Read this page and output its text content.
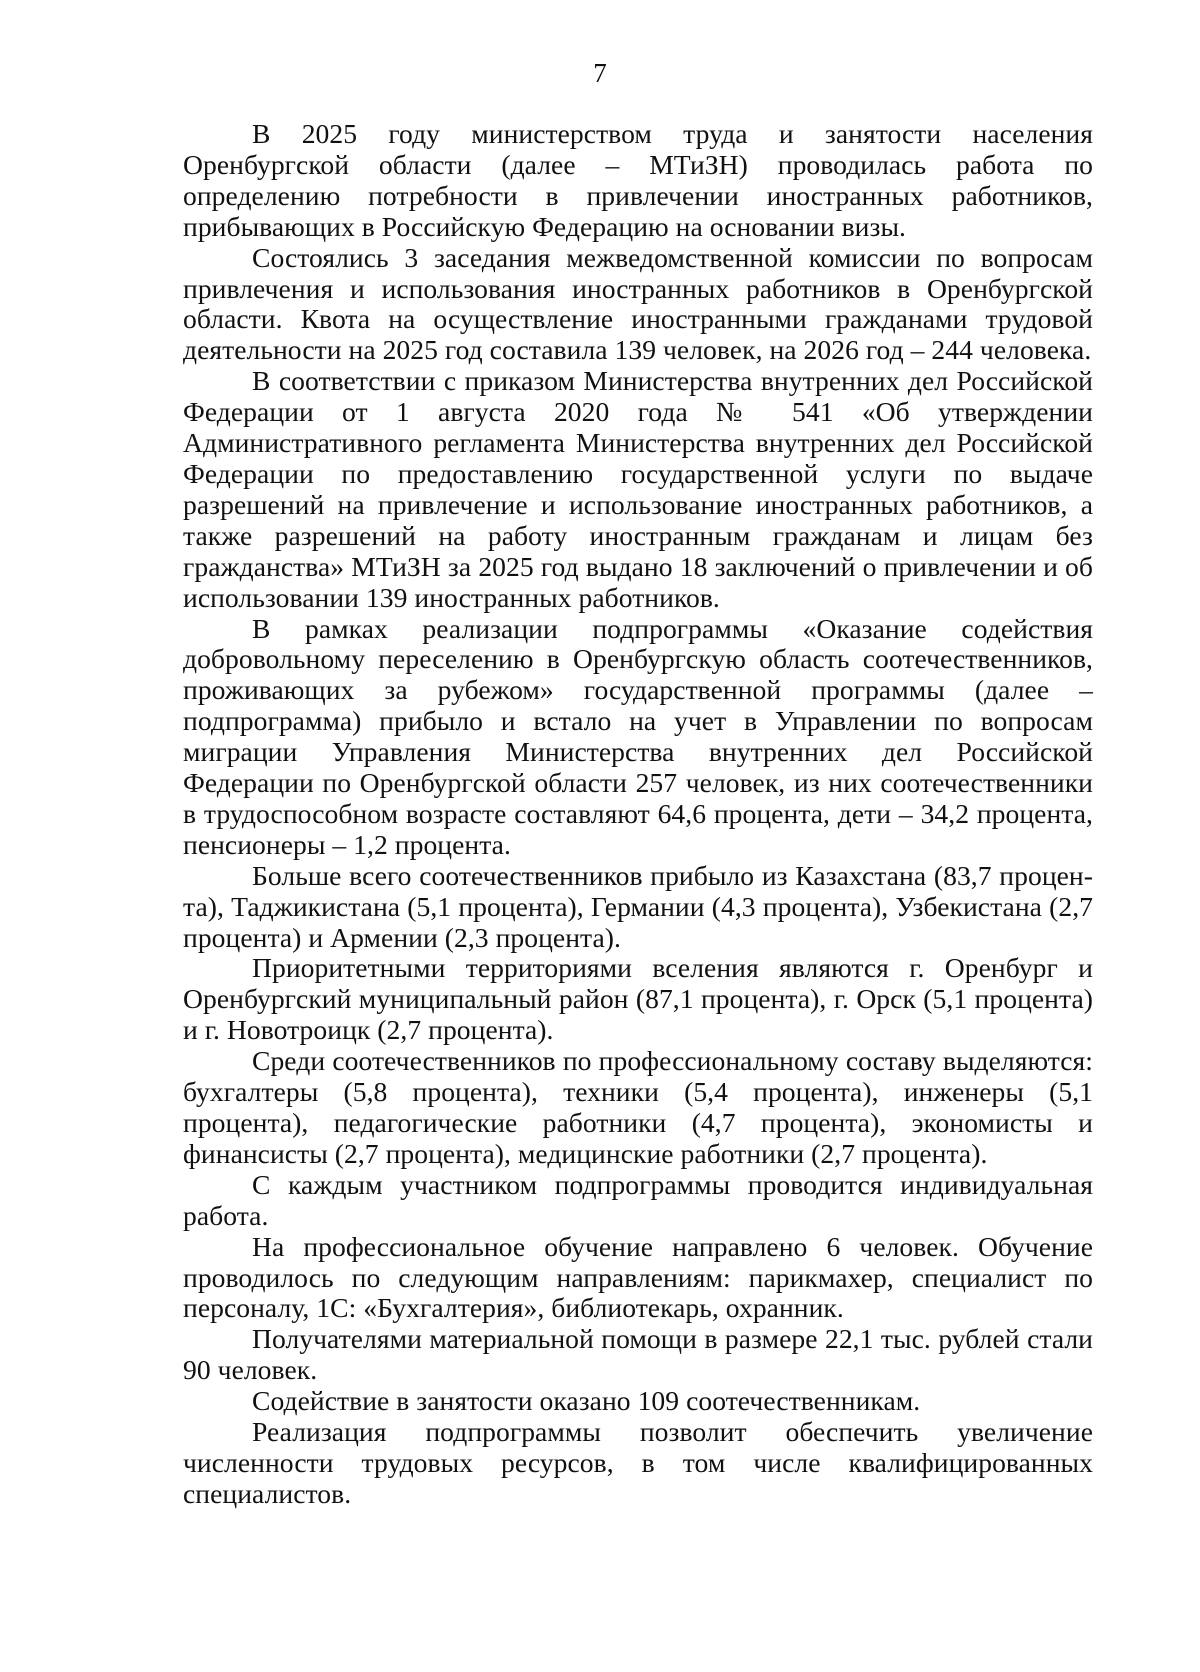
7

В 2025 году министерством труда и занятости населения Оренбургской области (далее – МТиЗН) проводилась работа по определению потребности в привлечении иностранных работников, прибывающих в Российскую Федерацию на основании визы.

Состоялись 3 заседания межведомственной комиссии по вопросам привлечения и использования иностранных работников в Оренбургской области. Квота на осуществление иностранными гражданами трудовой деятельности на 2025 год составила 139 человек, на 2026 год – 244 человека.

В соответствии с приказом Министерства внутренних дел Российской Федерации от 1 августа 2020 года № 541 «Об утверждении Административного регламента Министерства внутренних дел Российской Федерации по предоставлению государственной услуги по выдаче разрешений на привлечение и использование иностранных работников, а также разрешений на работу иностранным гражданам и лицам без гражданства» МТиЗН за 2025 год выдано 18 заключений о привлечении и об использовании 139 иностранных работников.

В рамках реализации подпрограммы «Оказание содействия добровольному переселению в Оренбургскую область соотечественников, проживающих за рубежом» государственной программы (далее – подпрограмма) прибыло и встало на учет в Управлении по вопросам миграции Управления Министерства внутренних дел Российской Федерации по Оренбургской области 257 человек, из них соотечественники в трудоспособном возрасте составляют 64,6 процента, дети – 34,2 процента, пенсионеры – 1,2 процента.

Больше всего соотечественников прибыло из Казахстана (83,7 процен-та), Таджикистана (5,1 процента), Германии (4,3 процента), Узбекистана (2,7 процента) и Армении (2,3 процента).

Приоритетными территориями вселения являются г. Оренбург и Оренбургский муниципальный район (87,1 процента), г. Орск (5,1 процента) и г. Новотроицк (2,7 процента).

Среди соотечественников по профессиональному составу выделяются: бухгалтеры (5,8 процента), техники (5,4 процента), инженеры (5,1 процента), педагогические работники (4,7 процента), экономисты и финансисты (2,7 процента), медицинские работники (2,7 процента).

С каждым участником подпрограммы проводится индивидуальная работа.

На профессиональное обучение направлено 6 человек. Обучение проводилось по следующим направлениям: парикмахер, специалист по персоналу, 1С: «Бухгалтерия», библиотекарь, охранник.

Получателями материальной помощи в размере 22,1 тыс. рублей стали 90 человек.

Содействие в занятости оказано 109 соотечественникам.

Реализация подпрограммы позволит обеспечить увеличение численности трудовых ресурсов, в том числе квалифицированных специалистов.
